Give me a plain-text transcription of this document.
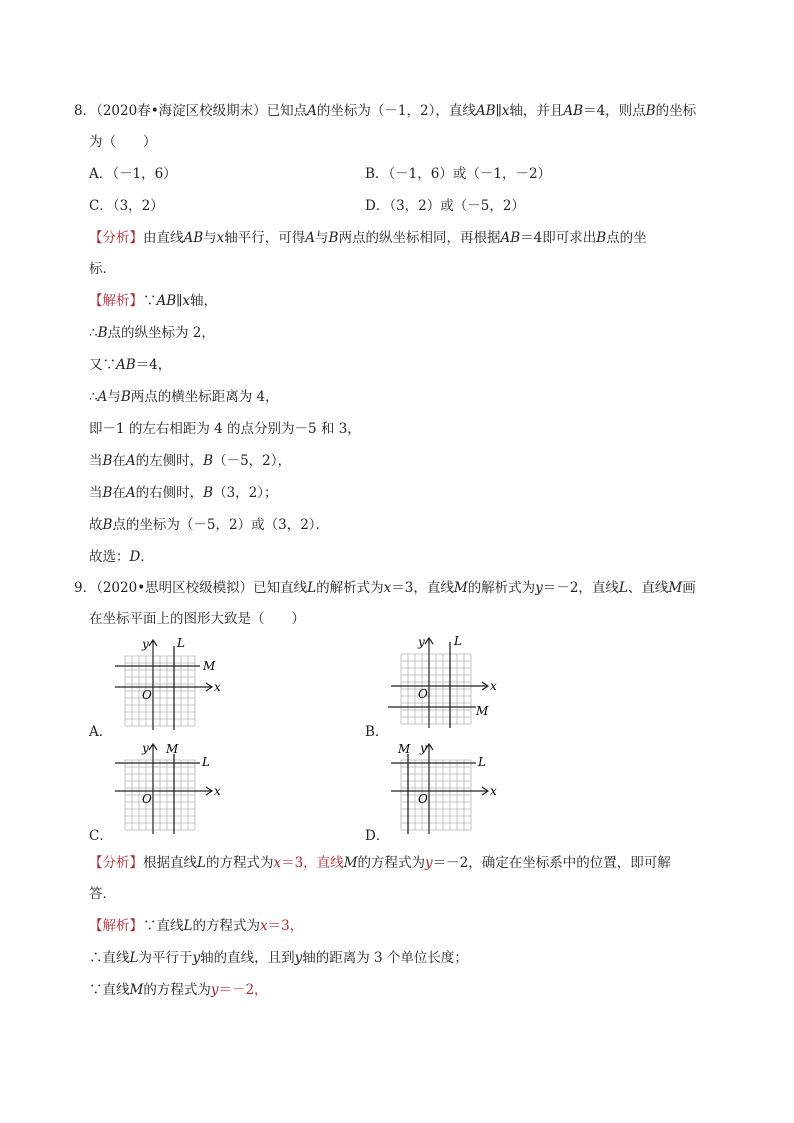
8．（2020春•海淀区校级期末）已知点A的坐标为（－1，2），直线AB∥x轴，并且AB＝4，则点B的坐标
为（　　）
A．（－1，6）	B．（－1，6）或（－1，－2）
C．（3，2）	D．（3，2）或（－5，2）
【分析】由直线AB与x轴平行，可得A与B两点的纵坐标相同，再根据AB＝4即可求出B点的坐
标．
【解析】∵AB∥x轴，
∴B点的纵坐标为 2，
又∵AB＝4，
∴A与B两点的横坐标距离为 4，
即－1 的左右相距为 4 的点分别为－5 和 3，
当B在A的左侧时，B（－5，2），
当B在A的右侧时，B（3，2）；
故B点的坐标为（－5，2）或（3，2）．
故选：D．
9．（2020•思明区校级模拟）已知直线L的解析式为x＝3，直线M的解析式为y＝－2，直线L、直线M画
在坐标平面上的图形大致是（　　）
A．	B．
C．	D．
x
y
O
L
M
x
y
O
L
M
x
y
O
M
L
x
y
O
M
L
【分析】根据直线L的方程式为x＝3，直线M的方程式为y＝－2，确定在坐标系中的位置，即可解
答．
【解析】∵直线L的方程式为x＝3，
∴直线L为平行于y轴的直线，且到y轴的距离为 3 个单位长度；
∵直线M的方程式为y＝－2，
